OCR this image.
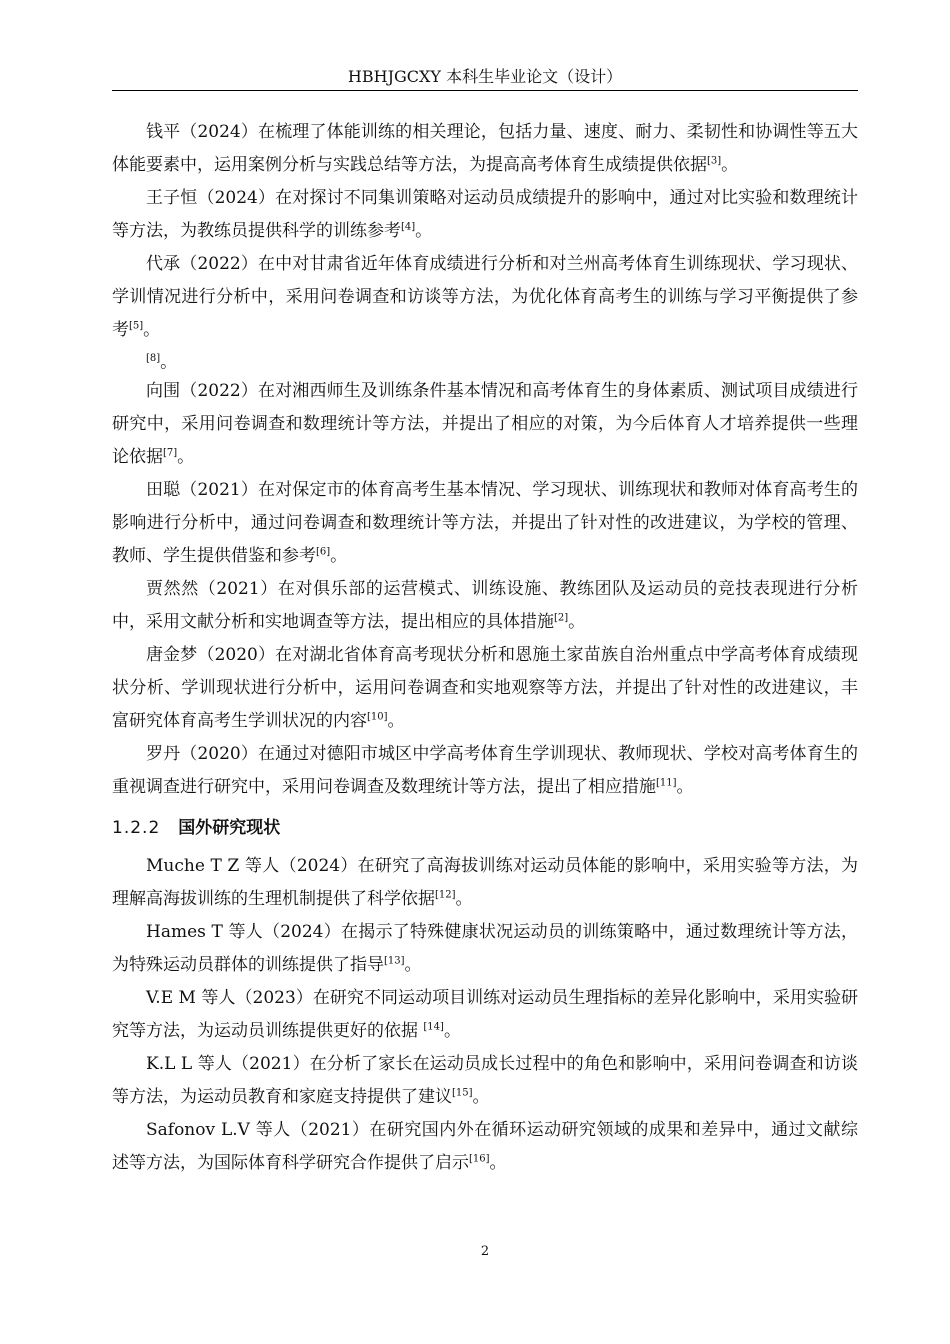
HBHJGCXY 本科生毕业论文（设计）

钱平（2024）在梳理了体能训练的相关理论，包括力量、速度、耐力、柔韧性和协调性等五大体能要素中，运用案例分析与实践总结等方法，为提高高考体育生成绩提供依据[3]。

王子恒（2024）在对探讨不同集训策略对运动员成绩提升的影响中，通过对比实验和数理统计等方法，为教练员提供科学的训练参考[4]。

代承（2022）在中对甘肃省近年体育成绩进行分析和对兰州高考体育生训练现状、学习现状、学训情况进行分析中，采用问卷调查和访谈等方法，为优化体育高考生的训练与学习平衡提供了参考[5]。

[8]。

向围（2022）在对湘西师生及训练条件基本情况和高考体育生的身体素质、测试项目成绩进行研究中，采用问卷调查和数理统计等方法，并提出了相应的对策，为今后体育人才培养提供一些理论依据[7]。

田聪（2021）在对保定市的体育高考生基本情况、学习现状、训练现状和教师对体育高考生的影响进行分析中，通过问卷调查和数理统计等方法，并提出了针对性的改进建议，为学校的管理、教师、学生提供借鉴和参考[6]。

贾然然（2021）在对俱乐部的运营模式、训练设施、教练团队及运动员的竞技表现进行分析中，采用文献分析和实地调查等方法，提出相应的具体措施[2]。

唐金梦（2020）在对湖北省体育高考现状分析和恩施土家苗族自治州重点中学高考体育成绩现状分析、学训现状进行分析中，运用问卷调查和实地观察等方法，并提出了针对性的改进建议，丰富研究体育高考生学训状况的内容[10]。

罗丹（2020）在通过对德阳市城区中学高考体育生学训现状、教师现状、学校对高考体育生的重视调查进行研究中，采用问卷调查及数理统计等方法，提出了相应措施[11]。

1.2.2 国外研究现状

Muche T Z 等人（2024）在研究了高海拔训练对运动员体能的影响中，采用实验等方法，为理解高海拔训练的生理机制提供了科学依据[12]。

Hames T 等人（2024）在揭示了特殊健康状况运动员的训练策略中，通过数理统计等方法，为特殊运动员群体的训练提供了指导[13]。

V.E M 等人（2023）在研究不同运动项目训练对运动员生理指标的差异化影响中，采用实验研究等方法，为运动员训练提供更好的依据 [14]。

K.L L 等人（2021）在分析了家长在运动员成长过程中的角色和影响中，采用问卷调查和访谈等方法，为运动员教育和家庭支持提供了建议[15]。

Safonov L.V 等人（2021）在研究国内外在循环运动研究领域的成果和差异中，通过文献综述等方法，为国际体育科学研究合作提供了启示[16]。

2
